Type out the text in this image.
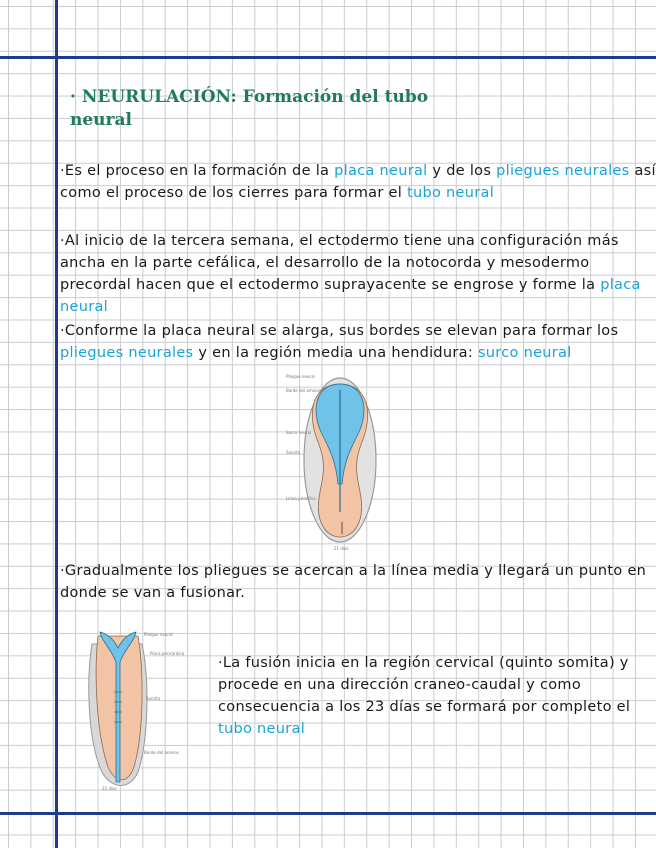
· NEURULACIÓN: Formación del tubo neural
·Es el proceso en la formación de la placa neural y de los pliegues neurales así como el proceso de los cierres para formar el tubo neural
·Al inicio de la tercera semana, el ectodermo tiene una configuración más ancha en la parte cefálica, el desarrollo de la notocorda y mesodermo precordal hacen que el ectodermo suprayacente se engrose y forme la placa neural
·Conforme la placa neural se alarga, sus bordes se elevan para formar los pliegues neurales y en la región media una hendidura: surco neural
Pliegue neural
Borde del amnios
Surco neural
Somita
Línea primitiva
21 días
·Gradualmente los pliegues se acercan a la línea media y llegará un punto en donde se van a fusionar.
Pliegue neural
Placa pericárdica
Somita
Borde del amnios
22 días
·La fusión inicia en la región cervical (quinto somita) y procede en una dirección craneo-caudal y como consecuencia a los 23 días se formará por completo el tubo neural
